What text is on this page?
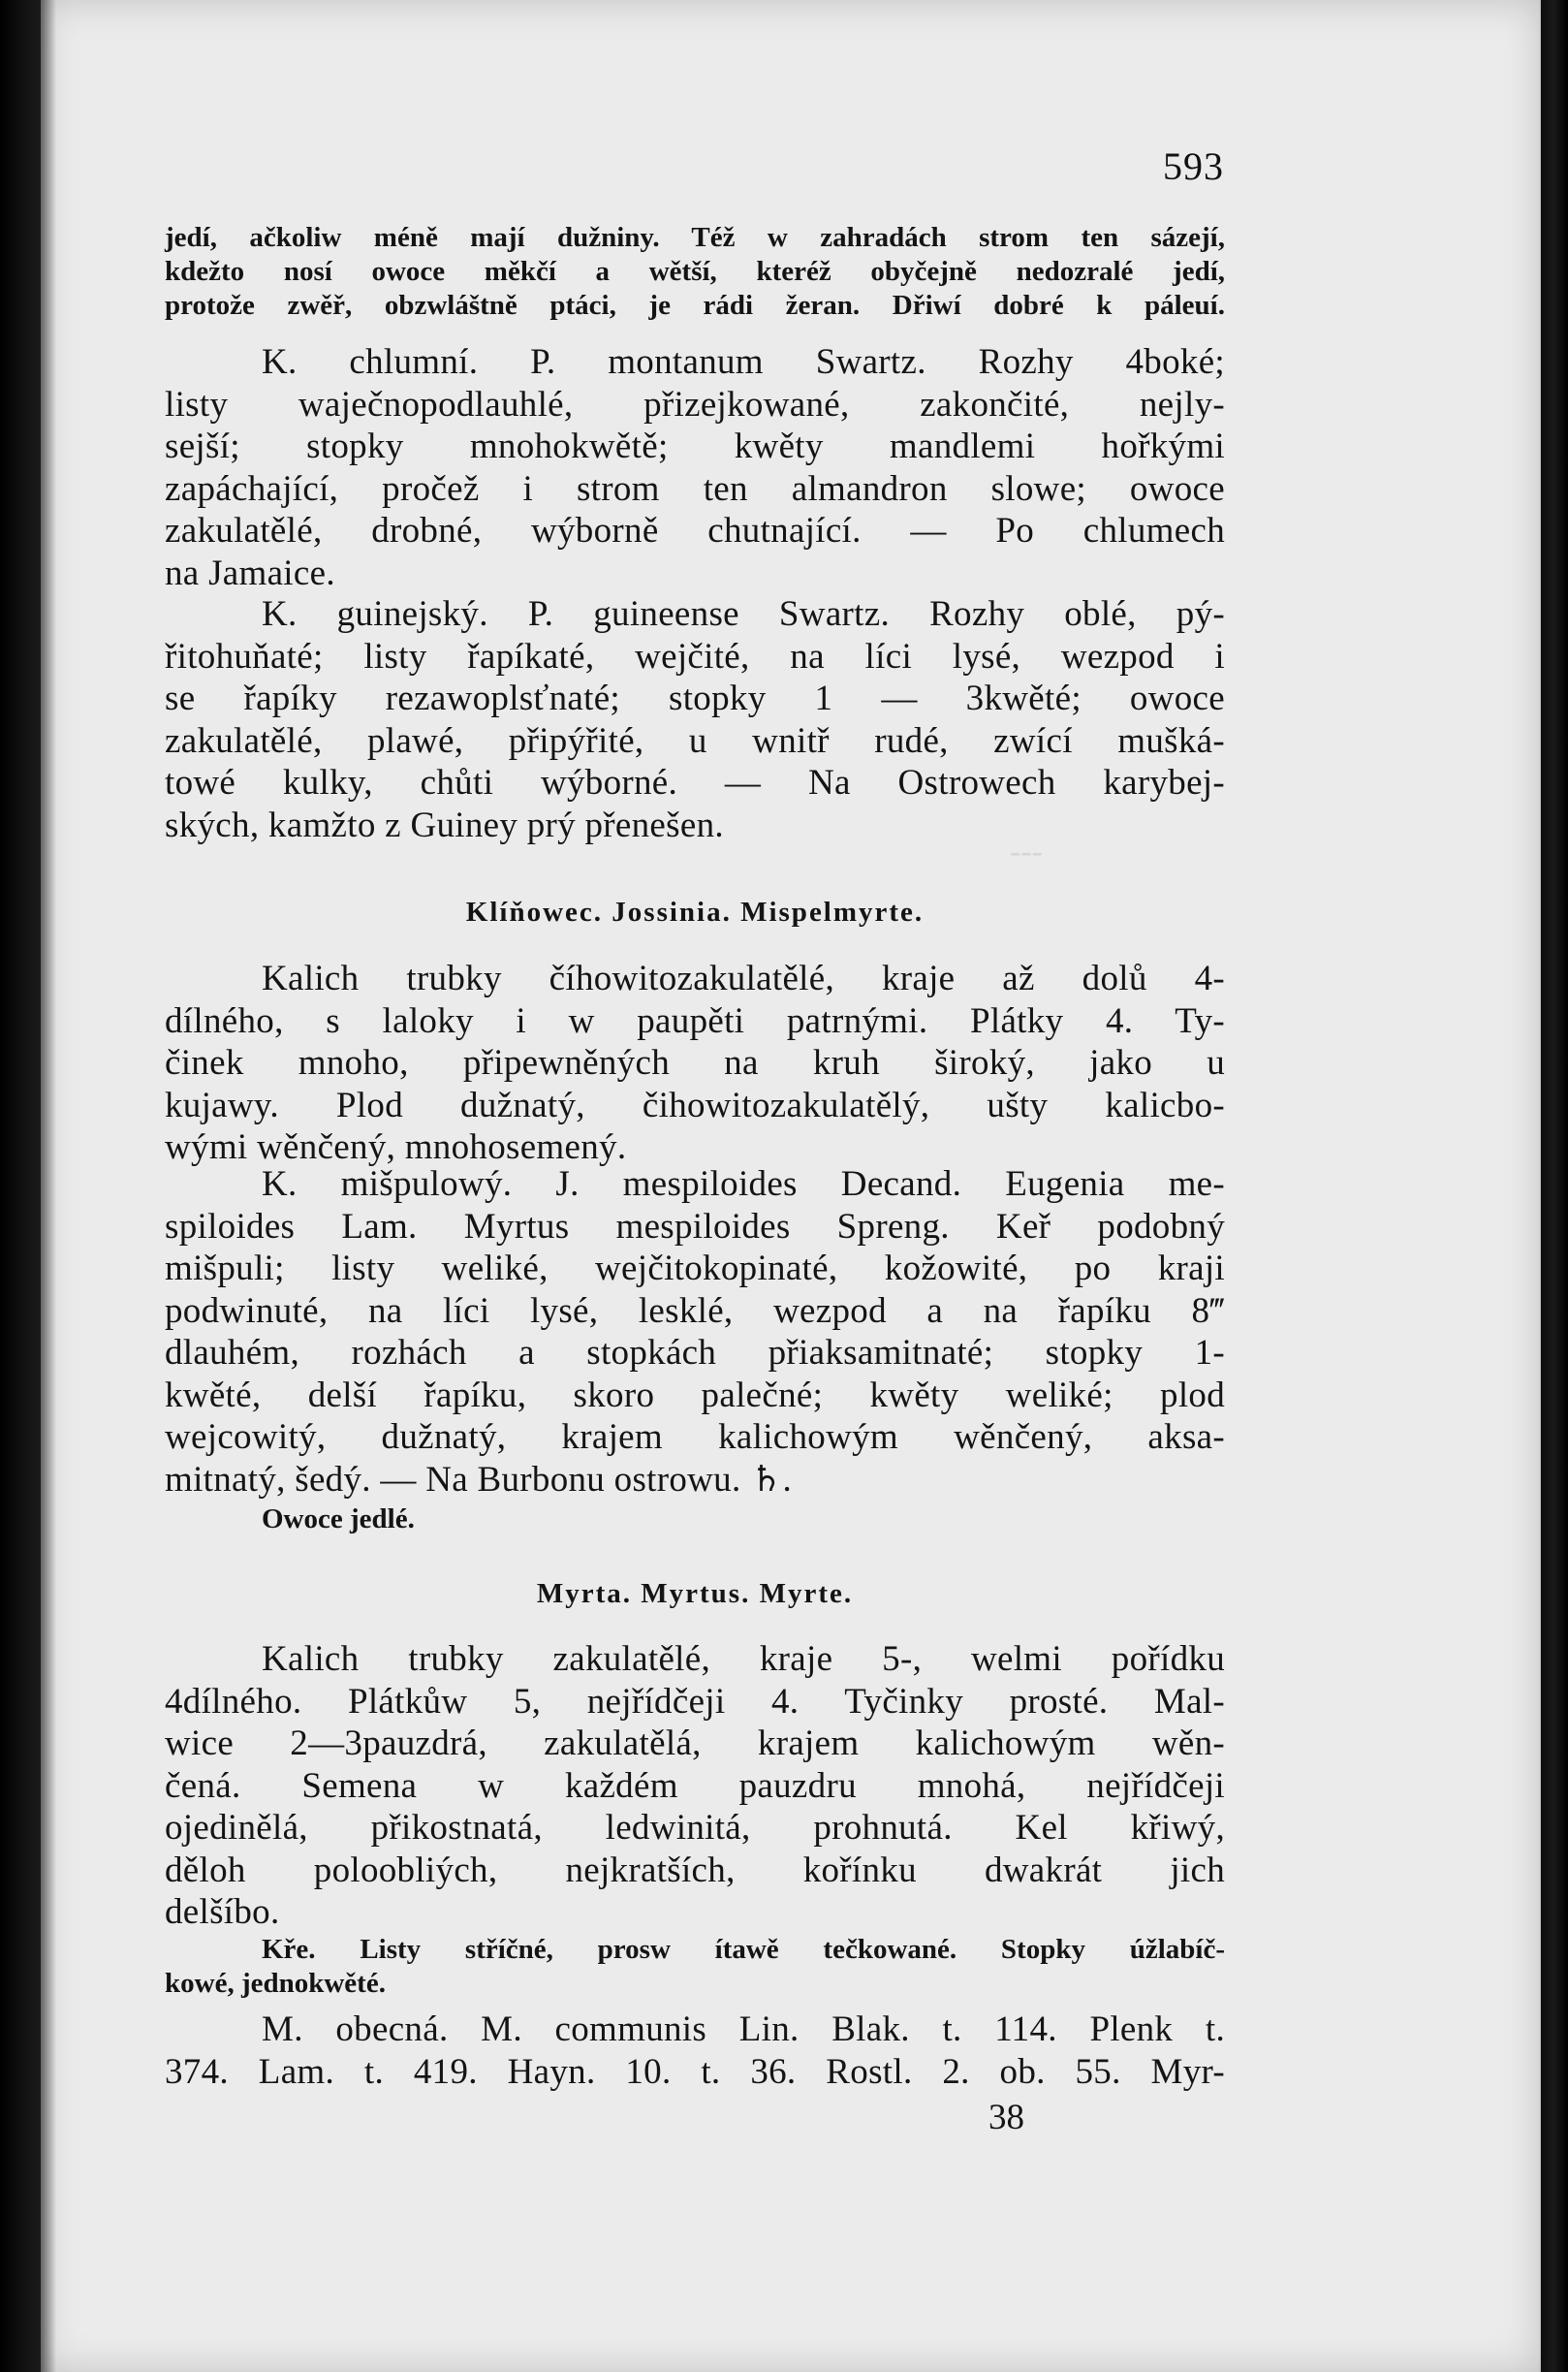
---
593
jedí, ačkoliw méně mají dužniny. Též w zahradách strom ten sázejí,
kdežto nosí owoce měkčí a wětší, kteréž obyčejně nedozralé jedí,
protože zwěř, obzwláštně ptáci, je rádi žeran. Dřiwí dobré k páleuí.
K. chlumní. P. montanum Swartz. Rozhy 4boké;
listy waječnopodlauhlé, přizejkowané, zakončité, nejly-
sejší; stopky mnohokwětě; kwěty mandlemi hořkými
zapáchající, pročež i strom ten almandron slowe; owoce
zakulatělé, drobné, wýborně chutnající. — Po chlumech
na Jamaice.
K. guinejský. P. guineense Swartz. Rozhy oblé, pý-
řitohuňaté; listy řapíkaté, wejčité, na líci lysé, wezpod i
se řapíky rezawoplsťnaté; stopky 1 — 3kwěté; owoce
zakulatělé, plawé, připýřité, u wnitř rudé, zwící mušká-
towé kulky, chůti wýborné. — Na Ostrowech karybej-
ských, kamžto z Guiney prý přenešen.
Klíňowec. Jossinia. Mispelmyrte.
Kalich trubky číhowitozakulatělé, kraje až dolů 4-
dílného, s laloky i w paupěti patrnými. Plátky 4. Ty-
činek mnoho, připewněných na kruh široký, jako u
kujawy. Plod dužnatý, čihowitozakulatělý, ušty kalicbo-
wými wěnčený, mnohosemený.
K. mišpulowý. J. mespiloides Decand. Eugenia me-
spiloides Lam. Myrtus mespiloides Spreng. Keř podobný
mišpuli; listy weliké, wejčitokopinaté, kožowité, po kraji
podwinuté, na líci lysé, lesklé, wezpod a na řapíku 8‴
dlauhém, rozhách a stopkách přiaksamitnaté; stopky 1-
kwěté, delší řapíku, skoro palečné; kwěty weliké; plod
wejcowitý, dužnatý, krajem kalichowým wěnčený, aksa-
mitnatý, šedý. — Na Burbonu ostrowu. ♄.
Owoce jedlé.
Myrta. Myrtus. Myrte.
Kalich trubky zakulatělé, kraje 5-, welmi pořídku
4dílného. Plátkůw 5, nejřídčeji 4. Tyčinky prosté. Mal-
wice 2—3pauzdrá, zakulatělá, krajem kalichowým wěn-
čená. Semena w každém pauzdru mnohá, nejřídčeji
ojedinělá, přikostnatá, ledwinitá, prohnutá. Kel křiwý,
děloh poloobliých, nejkratších, kořínku dwakrát jich
delšíbo.
Kře. Listy stříčné, prosw ítawě tečkowané. Stopky úžlabíč-
kowé, jednokwěté.
M. obecná. M. communis Lin. Blak. t. 114. Plenk t.
374. Lam. t. 419. Hayn. 10. t. 36. Rostl. 2. ob. 55. Myr-
38
